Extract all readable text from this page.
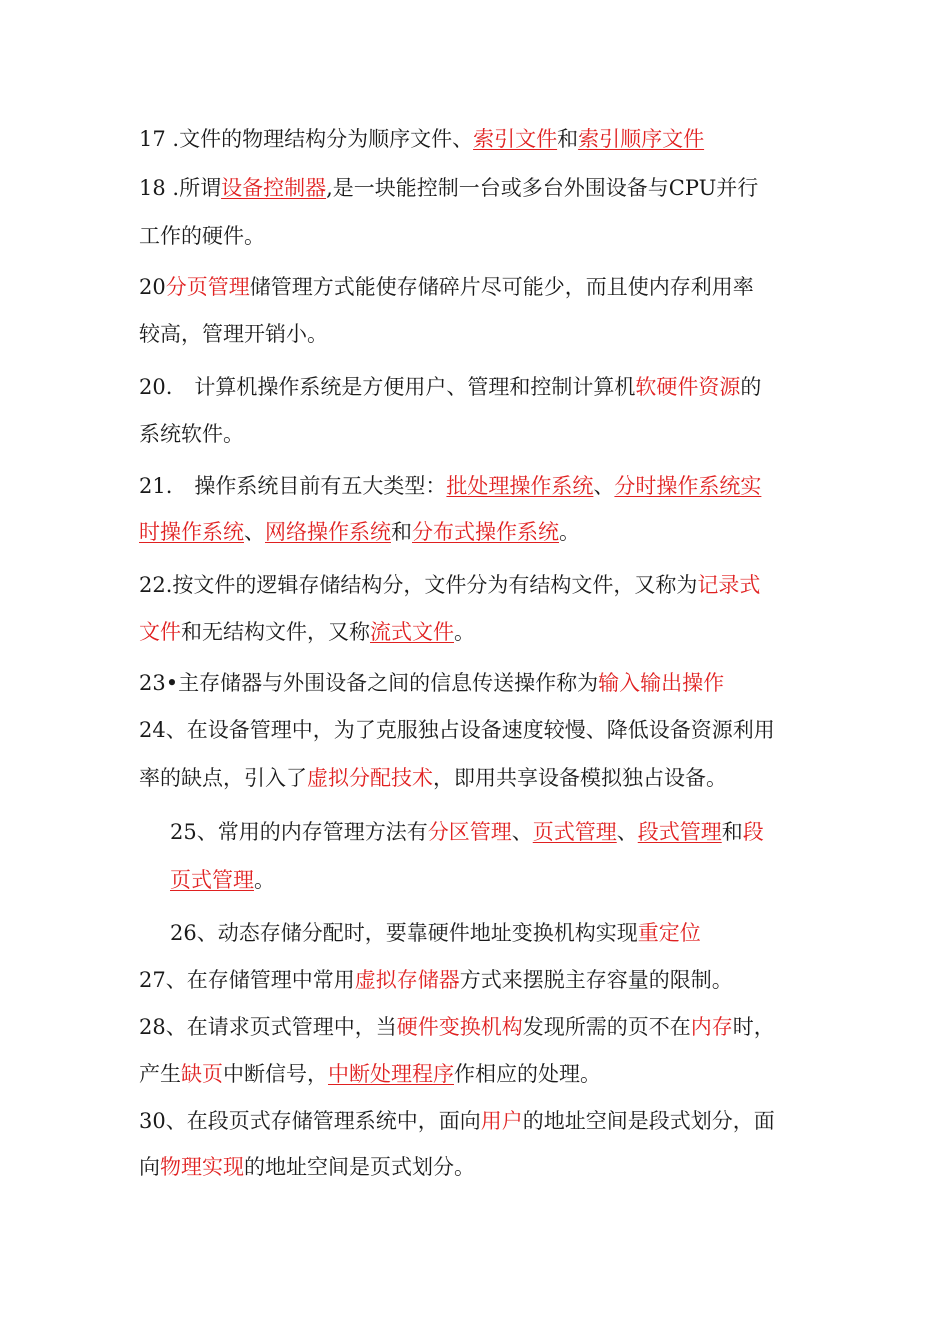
17 .文件的物理结构分为顺序文件、索引文件和索引顺序文件
18 .所谓设备控制器,是一块能控制一台或多台外围设备与CPU并行
工作的硬件。
20分页管理储管理方式能使存储碎片尽可能少，而且使内存利用率
较高，管理开销小。
20. 计算机操作系统是方便用户、管理和控制计算机软硬件资源的
系统软件。
21. 操作系统目前有五大类型：批处理操作系统、分时操作系统实
时操作系统、网络操作系统和分布式操作系统。
22.按文件的逻辑存储结构分，文件分为有结构文件，又称为记录式
文件和无结构文件，又称流式文件。
23•主存储器与外围设备之间的信息传送操作称为输入输出操作
24、在设备管理中，为了克服独占设备速度较慢、降低设备资源利用
率的缺点，引入了虚拟分配技术，即用共享设备模拟独占设备。
25、常用的内存管理方法有分区管理、页式管理、段式管理和段
页式管理。
26、动态存储分配时，要靠硬件地址变换机构实现重定位
27、在存储管理中常用虚拟存储器方式来摆脱主存容量的限制。
28、在请求页式管理中，当硬件变换机构发现所需的页不在内存时，
产生缺页中断信号，中断处理程序作相应的处理。
30、在段页式存储管理系统中，面向用户的地址空间是段式划分，面
向物理实现的地址空间是页式划分。
